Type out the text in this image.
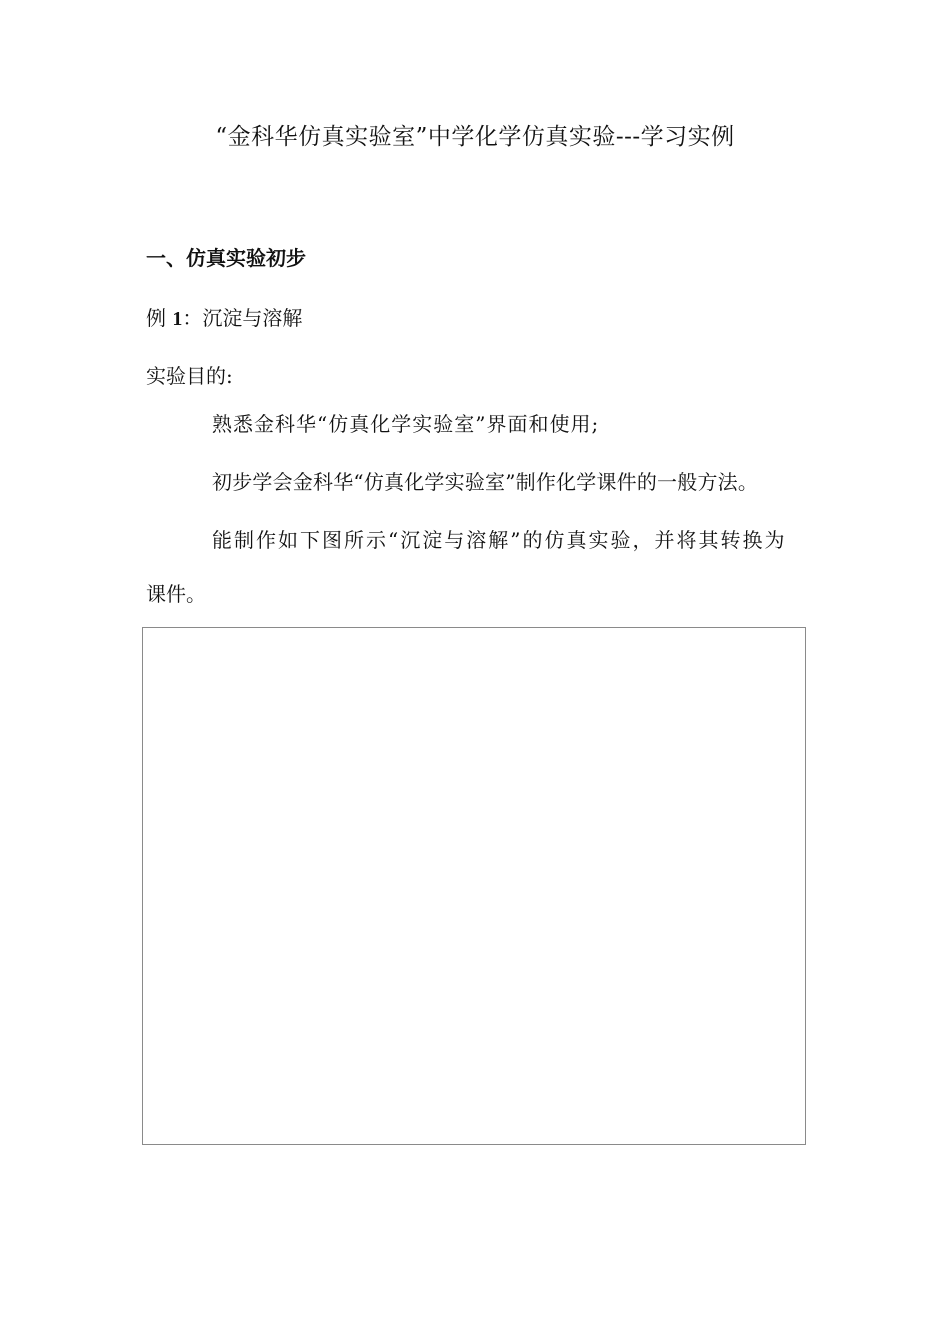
“金科华仿真实验室”中学化学仿真实验---学习实例
一、仿真实验初步
例 1：沉淀与溶解
实验目的:
熟悉金科华“仿真化学实验室”界面和使用;
初步学会金科华“仿真化学实验室”制作化学课件的一般方法。
能制作如下图所示“沉淀与溶解”的仿真实验，并将其转换为
课件。
